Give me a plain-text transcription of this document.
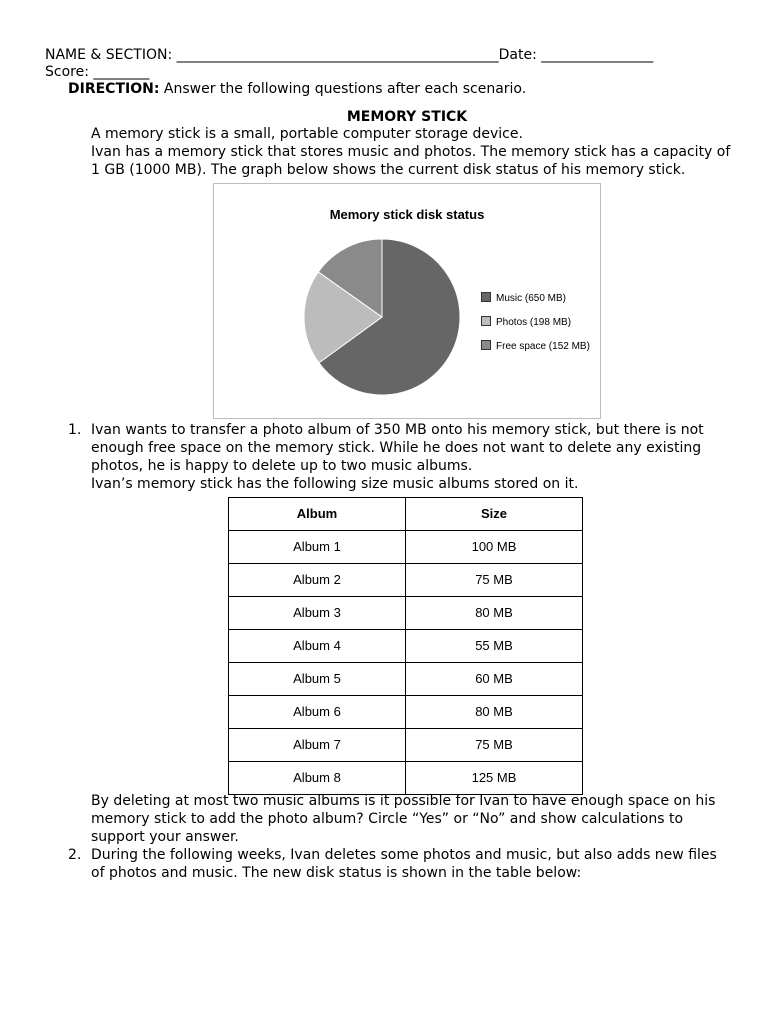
NAME & SECTION: ______________________________________________Date: ________________
Score: ________
DIRECTION: Answer the following questions after each scenario.
MEMORY STICK
A memory stick is a small, portable computer storage device.
Ivan has a memory stick that stores music and photos. The memory stick has a capacity of
1 GB (1000 MB). The graph below shows the current disk status of his memory stick.
Memory stick disk status
Music (650 MB)
Photos (198 MB)
Free space (152 MB)
1. Ivan wants to transfer a photo album of 350 MB onto his memory stick, but there is not
enough free space on the memory stick. While he does not want to delete any existing
photos, he is happy to delete up to two music albums.
Ivan’s memory stick has the following size music albums stored on it.
Album	Size
Album 1	100 MB
Album 2	75 MB
Album 3	80 MB
Album 4	55 MB
Album 5	60 MB
Album 6	80 MB
Album 7	75 MB
Album 8	125 MB
By deleting at most two music albums is it possible for Ivan to have enough space on his
memory stick to add the photo album? Circle “Yes” or “No” and show calculations to
support your answer.
2. During the following weeks, Ivan deletes some photos and music, but also adds new files
of photos and music. The new disk status is shown in the table below:
